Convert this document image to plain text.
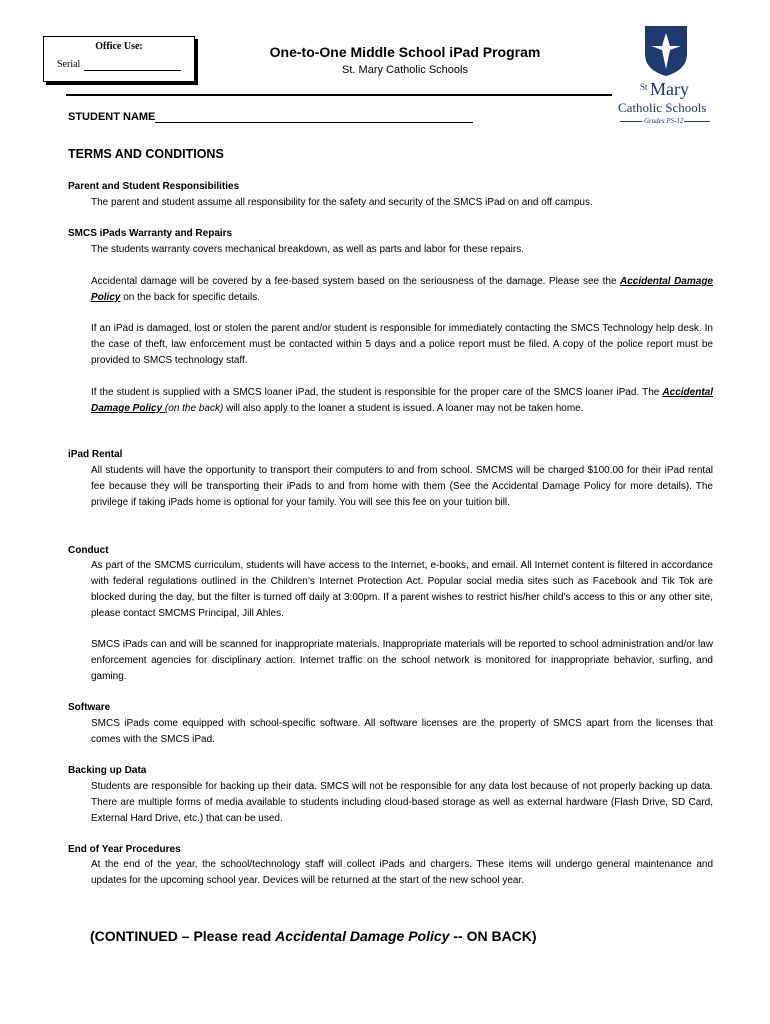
Office Use:
Serial
One-to-One Middle School iPad Program
St. Mary Catholic Schools
St Mary
Catholic Schools
Grades PS-12
STUDENT NAME
TERMS AND CONDITIONS
Parent and Student Responsibilities
The parent and student assume all responsibility for the safety and security of the SMCS iPad on and off campus.
SMCS iPads Warranty and Repairs
The students warranty covers mechanical breakdown, as well as parts and labor for these repairs.
Accidental damage will be covered by a fee-based system based on the seriousness of the damage. Please see the Accidental Damage Policy on the back for specific details.
If an iPad is damaged, lost or stolen the parent and/or student is responsible for immediately contacting the SMCS Technology help desk. In the case of theft, law enforcement must be contacted within 5 days and a police report must be filed. A copy of the police report must be provided to SMCS technology staff.
If the student is supplied with a SMCS loaner iPad, the student is responsible for the proper care of the SMCS loaner iPad. The Accidental Damage Policy (on the back) will also apply to the loaner a student is issued. A loaner may not be taken home.
iPad Rental
All students will have the opportunity to transport their computers to and from school. SMCMS will be charged $100.00 for their iPad rental fee because they will be transporting their iPads to and from home with them (See the Accidental Damage Policy for more details). The privilege if taking iPads home is optional for your family. You will see this fee on your tuition bill.
Conduct
As part of the SMCMS curriculum, students will have access to the Internet, e-books, and email. All Internet content is filtered in accordance with federal regulations outlined in the Children’s Internet Protection Act. Popular social media sites such as Facebook and Tik Tok are blocked during the day, but the filter is turned off daily at 3:00pm. If a parent wishes to restrict his/her child’s access to this or any other site, please contact SMCMS Principal, Jill Ahles.
SMCS iPads can and will be scanned for inappropriate materials. Inappropriate materials will be reported to school administration and/or law enforcement agencies for disciplinary action. Internet traffic on the school network is monitored for inappropriate behavior, surfing, and gaming.
Software
SMCS iPads come equipped with school-specific software. All software licenses are the property of SMCS apart from the licenses that comes with the SMCS iPad.
Backing up Data
Students are responsible for backing up their data. SMCS will not be responsible for any data lost because of not properly backing up data. There are multiple forms of media available to students including cloud-based storage as well as external hardware (Flash Drive, SD Card, External Hard Drive, etc.) that can be used.
End of Year Procedures
At the end of the year, the school/technology staff will collect iPads and chargers. These items will undergo general maintenance and updates for the upcoming school year. Devices will be returned at the start of the new school year.
(CONTINUED – Please read Accidental Damage Policy -- ON BACK)
